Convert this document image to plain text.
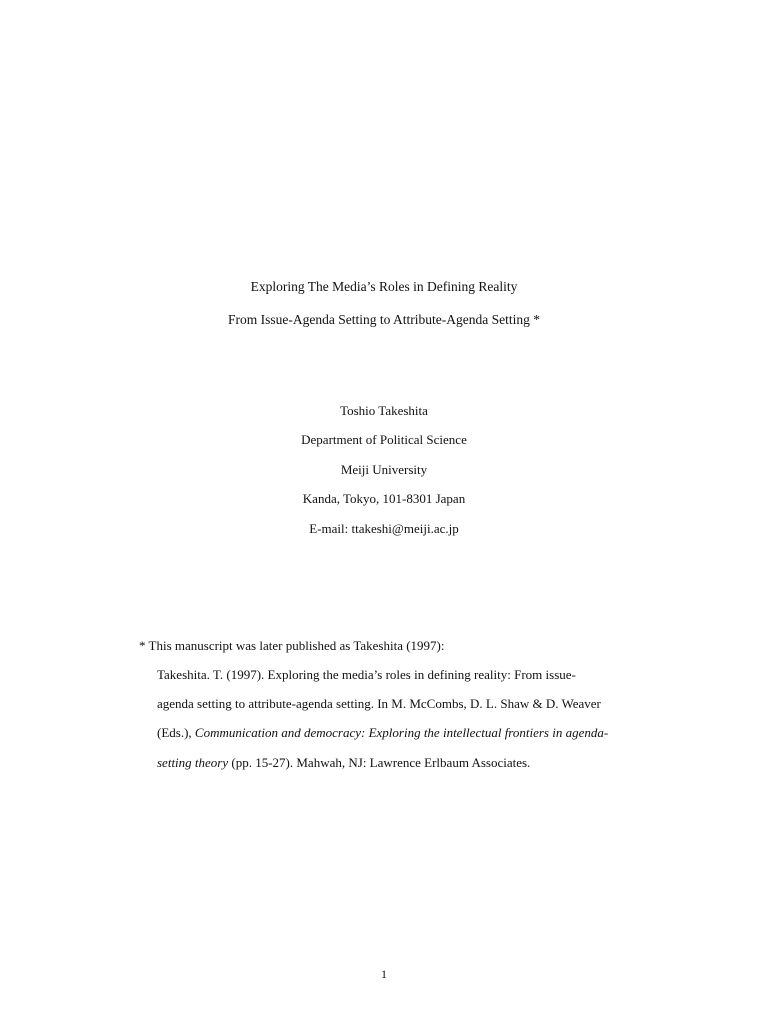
Exploring The Media’s Roles in Defining Reality
From Issue-Agenda Setting to Attribute-Agenda Setting *
Toshio Takeshita
Department of Political Science
Meiji University
Kanda, Tokyo, 101-8301 Japan
E-mail: ttakeshi@meiji.ac.jp
* This manuscript was later published as Takeshita (1997):
Takeshita. T. (1997). Exploring the media’s roles in defining reality: From issue-
agenda setting to attribute-agenda setting. In M. McCombs, D. L. Shaw & D. Weaver
(Eds.), Communication and democracy: Exploring the intellectual frontiers in agenda-
setting theory (pp. 15-27). Mahwah, NJ: Lawrence Erlbaum Associates.
1
